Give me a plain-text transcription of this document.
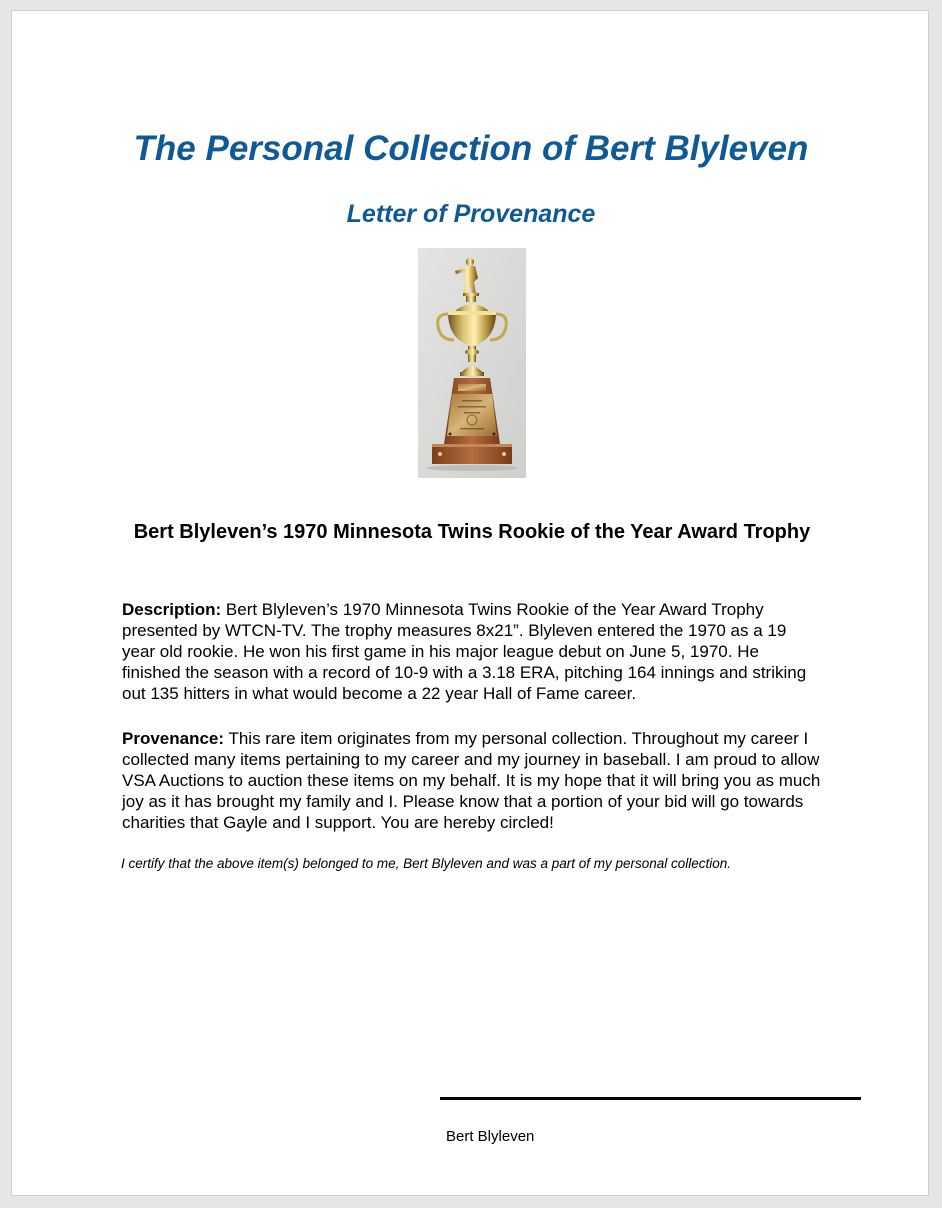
The Personal Collection of Bert Blyleven
Letter of Provenance
Bert Blyleven’s 1970 Minnesota Twins Rookie of the Year Award Trophy
Description: Bert Blyleven’s 1970 Minnesota Twins Rookie of the Year Award Trophy presented by WTCN-TV. The trophy measures 8x21”. Blyleven entered the 1970 as a 19 year old rookie. He won his first game in his major league debut on June 5, 1970. He finished the season with a record of 10-9 with a 3.18 ERA, pitching 164 innings and striking out 135 hitters in what would become a 22 year Hall of Fame career.
Provenance: This rare item originates from my personal collection. Throughout my career I collected many items pertaining to my career and my journey in baseball. I am proud to allow VSA Auctions to auction these items on my behalf. It is my hope that it will bring you as much joy as it has brought my family and I. Please know that a portion of your bid will go towards charities that Gayle and I support. You are hereby circled!
I certify that the above item(s) belonged to me, Bert Blyleven and was a part of my personal collection.
Bert Blyleven
